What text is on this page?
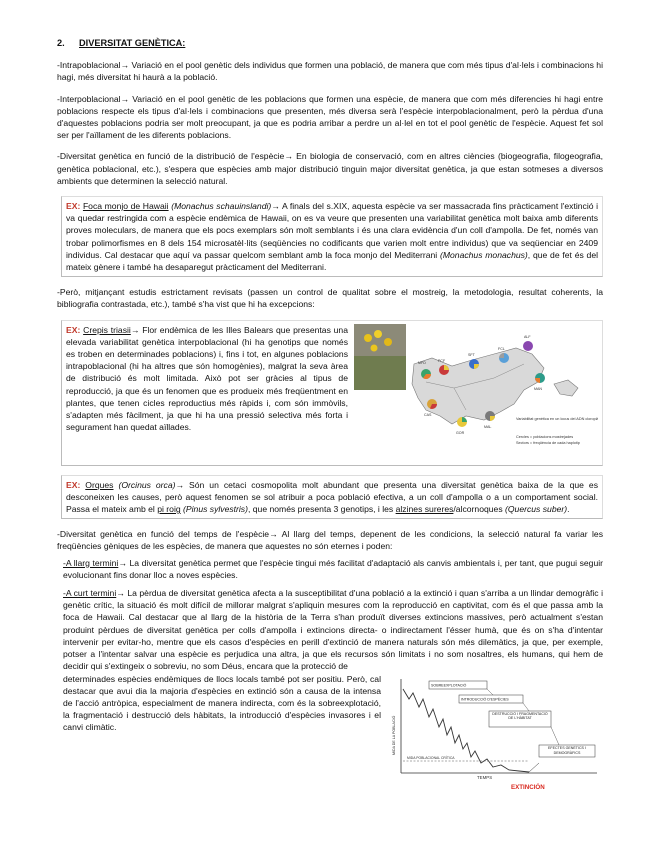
2. DIVERSITAT GENÈTICA:

-Intrapoblacional→ Variació en el pool genètic dels individus que formen una població, de manera que com més tipus d'al·lels i combinacions hi hagi, més diversitat hi haurà a la població.

-Interpoblacional→ Variació en el pool genètic de les poblacions que formen una espècie, de manera que com més diferencies hi hagi entre poblacions respecte els tipus d'al·lels i combinacions que presenten, més diversa serà l'espècie interpoblacionalment, però la pèrdua d'una d'aquestes poblacions podria ser molt preocupant, ja que es podria arribar a perdre un al·lel en tot el pool genètic de l'espècie. Aquest fet sol ser per l'aïllament de les diferents poblacions.

-Diversitat genètica en funció de la distribució de l'espècie→ En biologia de conservació, com en altres ciències (biogeografia, filogeografia, genètica poblacional, etc.), s'espera que espècies amb major distribució tinguin major diversitat genètica, ja que estan sotmeses a diversos ambients que determinen la selecció natural.

EX: Foca monjo de Hawaii (Monachus schauinslandi)→ A finals del s.XIX, aquesta espècie va ser massacrada fins pràcticament l'extinció i va quedar restringida com a espècie endèmica de Hawaii, on es va veure que presenten una variabilitat genètica molt baixa amb diferents proves moleculars, de manera que els pocs exemplars són molt semblants i és una clara evidència d'un coll d'ampolla. De fet, només van trobar polimorfismes en 8 dels 154 microsatèl·lits (seqüències no codificants que varien molt entre individus) que va seqüenciar en 2409 individus. Cal destacar que aquí va passar quelcom semblant amb la foca monjo del Mediterrani (Monachus monachus), que de fet és del mateix gènere i també ha desaparegut pràcticament del Mediterrani.

-Però, mitjançant estudis estrictament revisats (passen un control de qualitat sobre el mostreig, la metodologia, resultat coherents, la bibliografia contrastada, etc.), també s'ha vist que hi ha excepcions:

EX: Crepis triasii→ Flor endèmica de les Illes Balears que presentas una elevada variabilitat genètica interpoblacional (hi ha genotips que només es troben en determinades poblacions) i, fins i tot, en algunes poblacions intrapoblacional (hi ha altres que són homogènies), malgrat la seva àrea de distribució és molt limitada. Això pot ser gràcies al tipus de reproducció, ja que és un fenomen que es produeix més freqüentment en plantes, que tenen cicles reproductius més ràpids i, com són immòvils, s'adapten més fàcilment, ja que hi ha una pressió selectiva més forta i segurament han quedat aïllades.
MFD	PCF
SFT
FCL
ALF
MAN
CAS
GOR
MAL
Variabilitat genètica en un locus del ADN cloroplàstic
Cercles = poblacions mostrejades
Sectors = freqüència de cada haplotip
EX: Orques (Orcinus orca)→ Són un cetaci cosmopolita molt abundant que presenta una diversitat genètica baixa de la que es desconeixen les causes, però aquest fenomen se sol atribuir a poca població efectiva, a un coll d'ampolla o a un comportament social. Passa el mateix amb el pi roig (Pinus sylvestris), que només presenta 3 genotips, i les alzines sureres/alcornoques (Quercus suber).

-Diversitat genètica en funció del temps de l'espècie→ Al llarg del temps, depenent de les condicions, la selecció natural fa variar les freqüències gèniques de les espècies, de manera que aquestes no són eternes i poden:

-A llarg termini→ La diversitat genètica permet que l'espècie tingui més facilitat d'adaptació als canvis ambientals i, per tant, que pugui seguir evolucionant fins donar lloc a noves espècies.
-A curt termini→ La pèrdua de diversitat genètica afecta a la susceptibilitat d'una població a la extinció i quan s'arriba a un llindar demogràfic i genètic crític, la situació és molt difícil de millorar malgrat s'apliquin mesures com la reproducció en captivitat, com és el que passa amb la foca de Hawaii. Cal destacar que al llarg de la història de la Terra s'han produït diverses extincions massives, però actualment s'estan produint pèrdues de diversitat genètica per colls d'ampolla i extincions directa- o indirectament l'ésser humà, que és on s'ha d'intentar intervenir per evitar-ho, mentre que els casos d'espècies en perill d'extinció de manera naturals són més dilemàtics, ja que, per exemple, potser a l'intentar salvar una espècie es perjudica una altra, ja que els recursos són limitats i no som nosaltres, els humans, qui hem de decidir qui s'extingeix o sobreviu, no som Déus, encara que la protecció de
determinades espècies endèmiques de llocs locals també pot ser positiu. Però, cal destacar que avui dia la majoria d'espècies en extinció són a causa de la intensa de l'acció antròpica, especialment de manera indirecta, com és la sobreexplotació, la fragmentació i destrucció dels hàbitats, la introducció d'espècies invasores i el canvi climàtic.	MIDA DE LA POBLACIÓ
TEMPS
MIDA POBLACIONAL CRÍTICA
SOBREEXPLOTACIÓ
INTRODUCCIÓ D'ESPÈCIES
DESTRUCCIÓ I FRAGMENTACIÓ DE L'HÀBITAT
EFECTES GENÈTICS I DEMOGRÀFICS
EXTINCIÓN
